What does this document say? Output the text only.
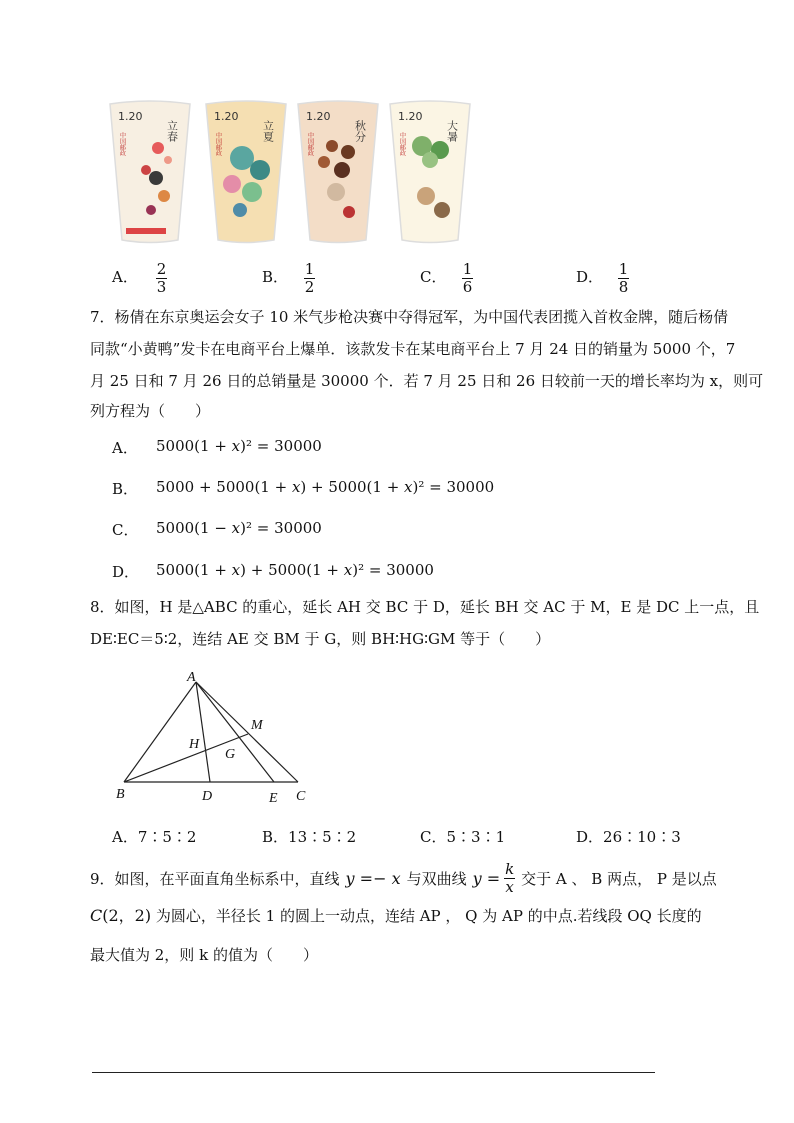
1.20
立春
中国邮政
1.20
立夏
中国邮政
1.20
秋分
中国邮政
1.20
大暑
中国邮政
A． 2
3
B． 1
2
C． 1
6
D． 1
8
7．杨倩在东京奥运会女子 10 米气步枪决赛中夺得冠军，为中国代表团揽入首枚金牌，随后杨倩
同款“小黄鸭”发卡在电商平台上爆单．该款发卡在某电商平台上 7 月 24 日的销量为 5000 个，7
月 25 日和 7 月 26 日的总销量是 30000 个．若 7 月 25 日和 26 日较前一天的增长率均为 x，则可
列方程为（　　）
A． 5000(1 + 𝑥)² = 30000
B． 5000 + 5000(1 + 𝑥) + 5000(1 + 𝑥)² = 30000
C． 5000(1 − 𝑥)² = 30000
D． 5000(1 + 𝑥) + 5000(1 + 𝑥)² = 30000
8．如图，H 是△ABC 的重心，延长 AH 交 BC 于 D，延长 BH 交 AC 于 M，E 是 DC 上一点，且
DE∶EC＝5∶2，连结 AE 交 BM 于 G，则 BH∶HG∶GM 等于（　　）
A
B	C
D	E
H
G
M
A．7∶5∶2	B．13∶5∶2	C．5∶3∶1	D．26∶10∶3
9．如图，在平面直角坐标系中，直线 𝑦 =− 𝑥 与双曲线 𝑦 = $\frac{\text{𝑘}}{\text{𝑥}}$ 交于 A 、 B 两点， P 是以点
𝐶(2，2) 为圆心，半径长 1 的圆上一动点，连结 AP ， Q 为 AP 的中点.若线段 OQ 长度的
最大值为 2，则 k 的值为（　　）
